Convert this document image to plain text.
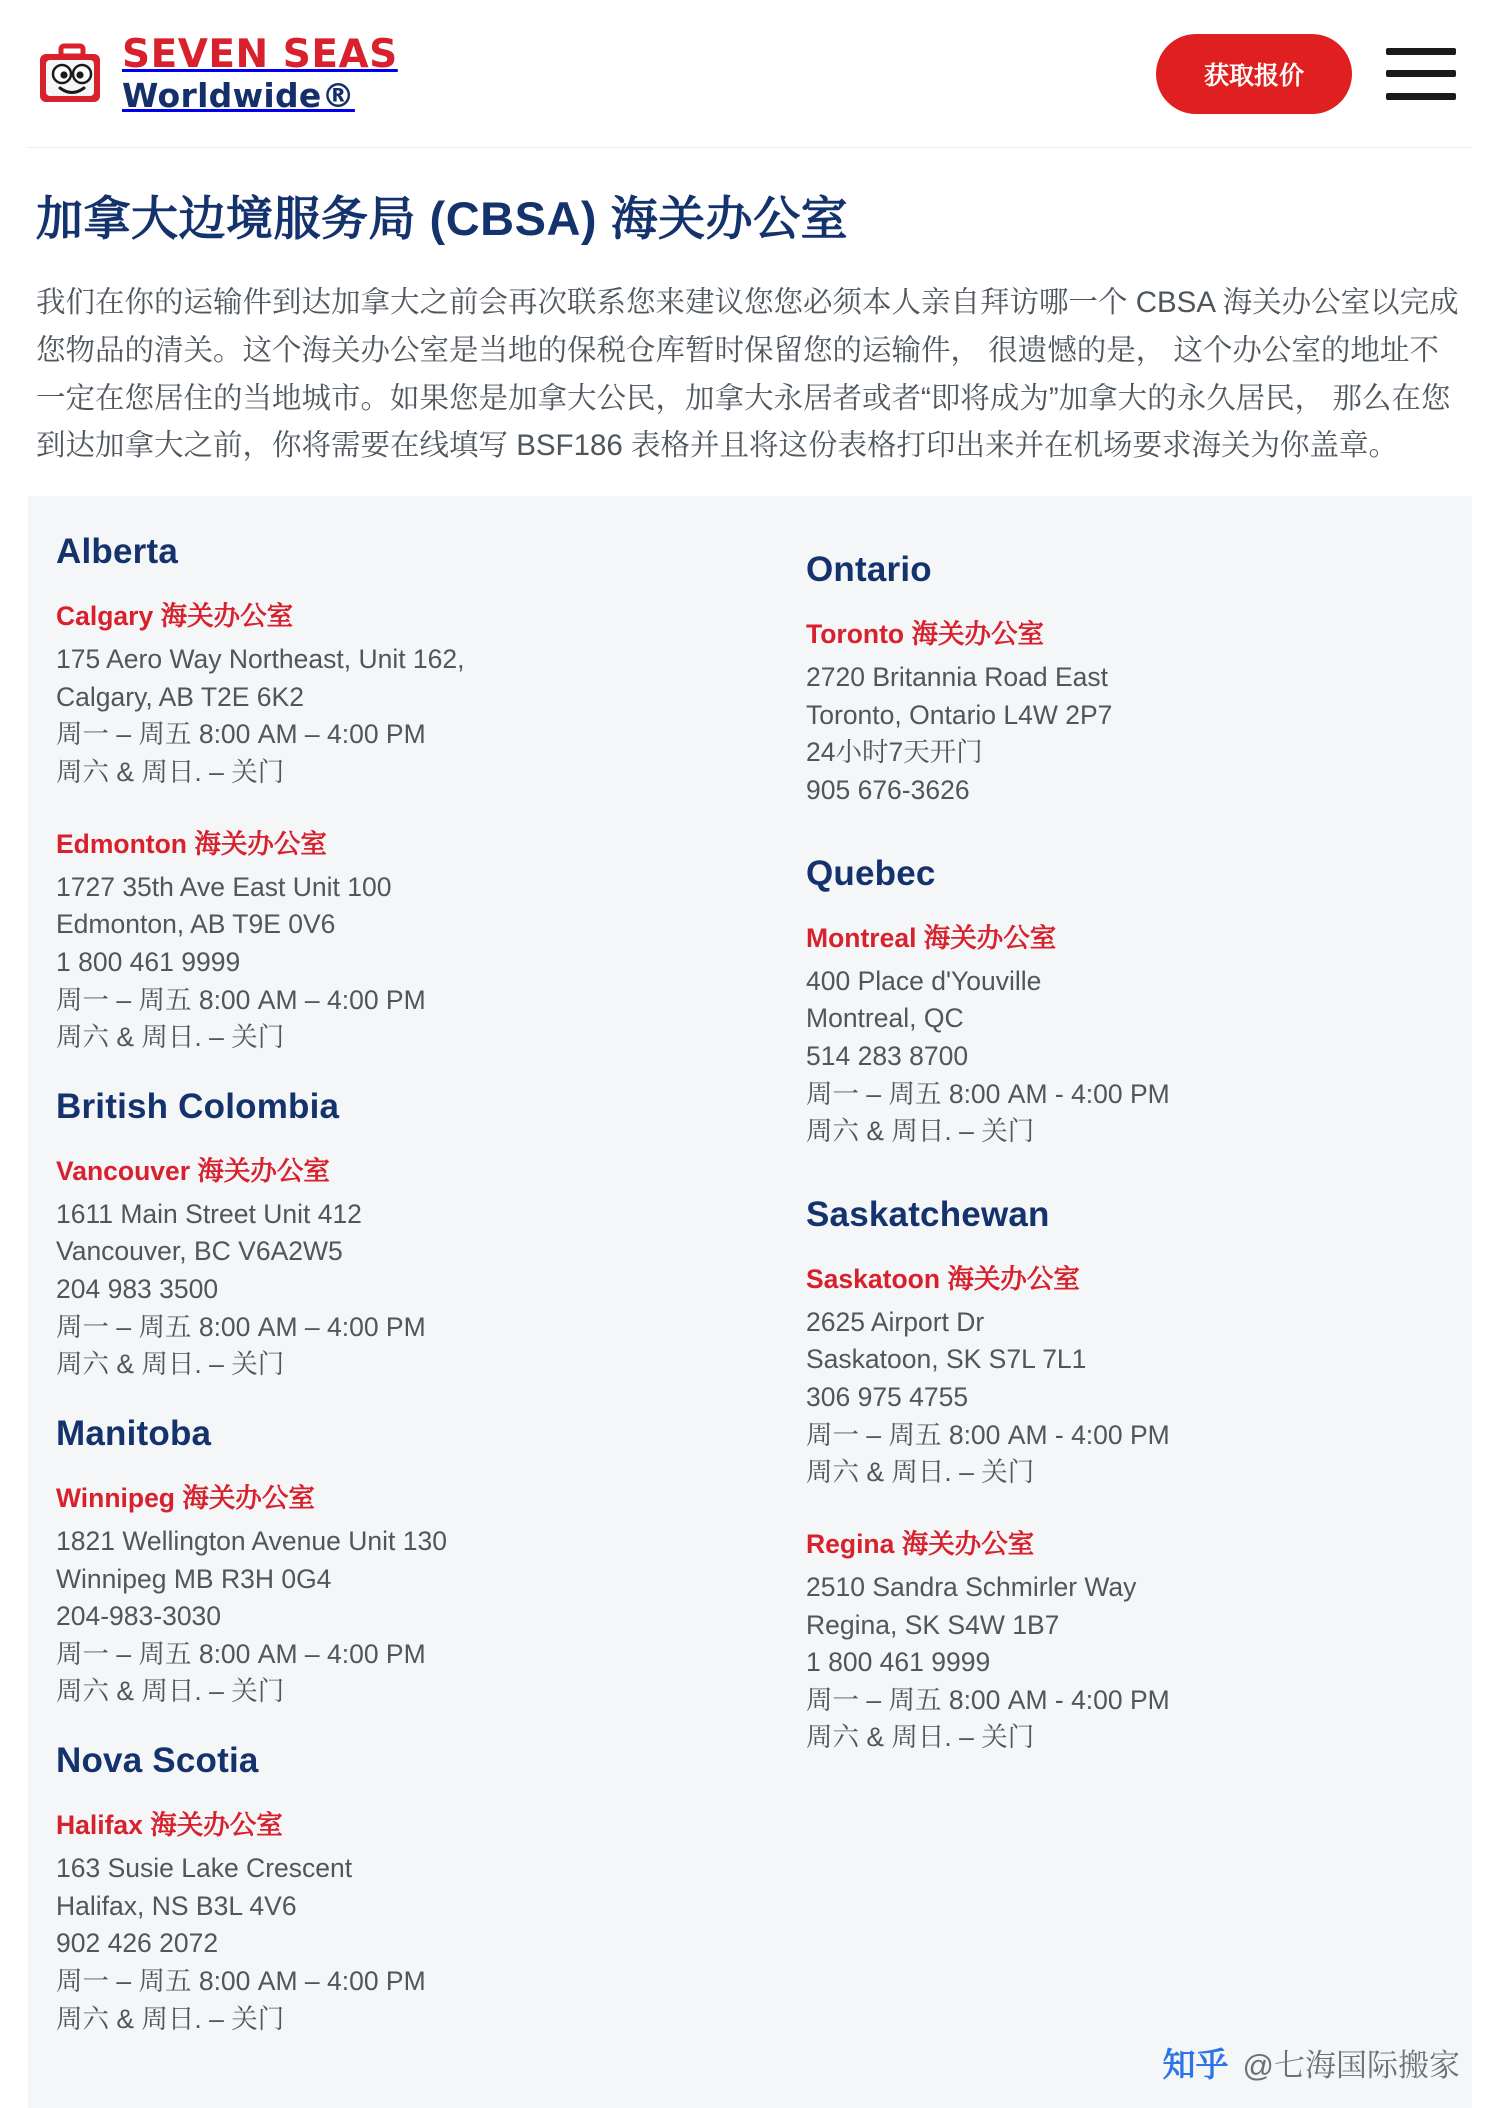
SEVEN SEAS
Worldwide®
获取报价
加拿大边境服务局 (CBSA) 海关办公室

我们在你的运输件到达加拿大之前会再次联系您来建议您您必须本人亲自拜访哪一个 CBSA 海关办公室以完成您物品的清关。这个海关办公室是当地的保税仓库暂时保留您的运输件， 很遗憾的是， 这个办公室的地址不一定在您居住的当地城市。如果您是加拿大公民，加拿大永居者或者“即将成为”加拿大的永久居民， 那么在您到达加拿大之前，你将需要在线填写 BSF186 表格并且将这份表格打印出来并在机场要求海关为你盖章。

Alberta

Calgary 海关办公室

175 Aero Way Northeast, Unit 162,

Calgary, AB T2E 6K2

周一 – 周五 8:00 AM – 4:00 PM

周六 & 周日. – 关门

Edmonton 海关办公室

1727 35th Ave East Unit 100

Edmonton, AB T9E 0V6

1 800 461 9999

周一 – 周五 8:00 AM – 4:00 PM

周六 & 周日. – 关门

British Colombia

Vancouver 海关办公室

1611 Main Street Unit 412

Vancouver, BC V6A2W5

204 983 3500

周一 – 周五 8:00 AM – 4:00 PM

周六 & 周日. – 关门

Manitoba

Winnipeg 海关办公室

1821 Wellington Avenue Unit 130

Winnipeg MB R3H 0G4

204-983-3030

周一 – 周五 8:00 AM – 4:00 PM

周六 & 周日. – 关门

Nova Scotia

Halifax 海关办公室

163 Susie Lake Crescent

Halifax, NS B3L 4V6

902 426 2072

周一 – 周五 8:00 AM – 4:00 PM

周六 & 周日. – 关门

Ontario

Toronto 海关办公室

2720 Britannia Road East

Toronto, Ontario L4W 2P7

24小时7天开门

905 676-3626

Quebec

Montreal 海关办公室

400 Place d'Youville

Montreal, QC

514 283 8700

周一 – 周五 8:00 AM - 4:00 PM

周六 & 周日. – 关门

Saskatchewan

Saskatoon 海关办公室

2625 Airport Dr

Saskatoon, SK S7L 7L1

306 975 4755

周一 – 周五 8:00 AM - 4:00 PM

周六 & 周日. – 关门

Regina 海关办公室

2510 Sandra Schmirler Way

Regina, SK S4W 1B7

1 800 461 9999

周一 – 周五 8:00 AM - 4:00 PM

周六 & 周日. – 关门

知乎 @七海国际搬家
